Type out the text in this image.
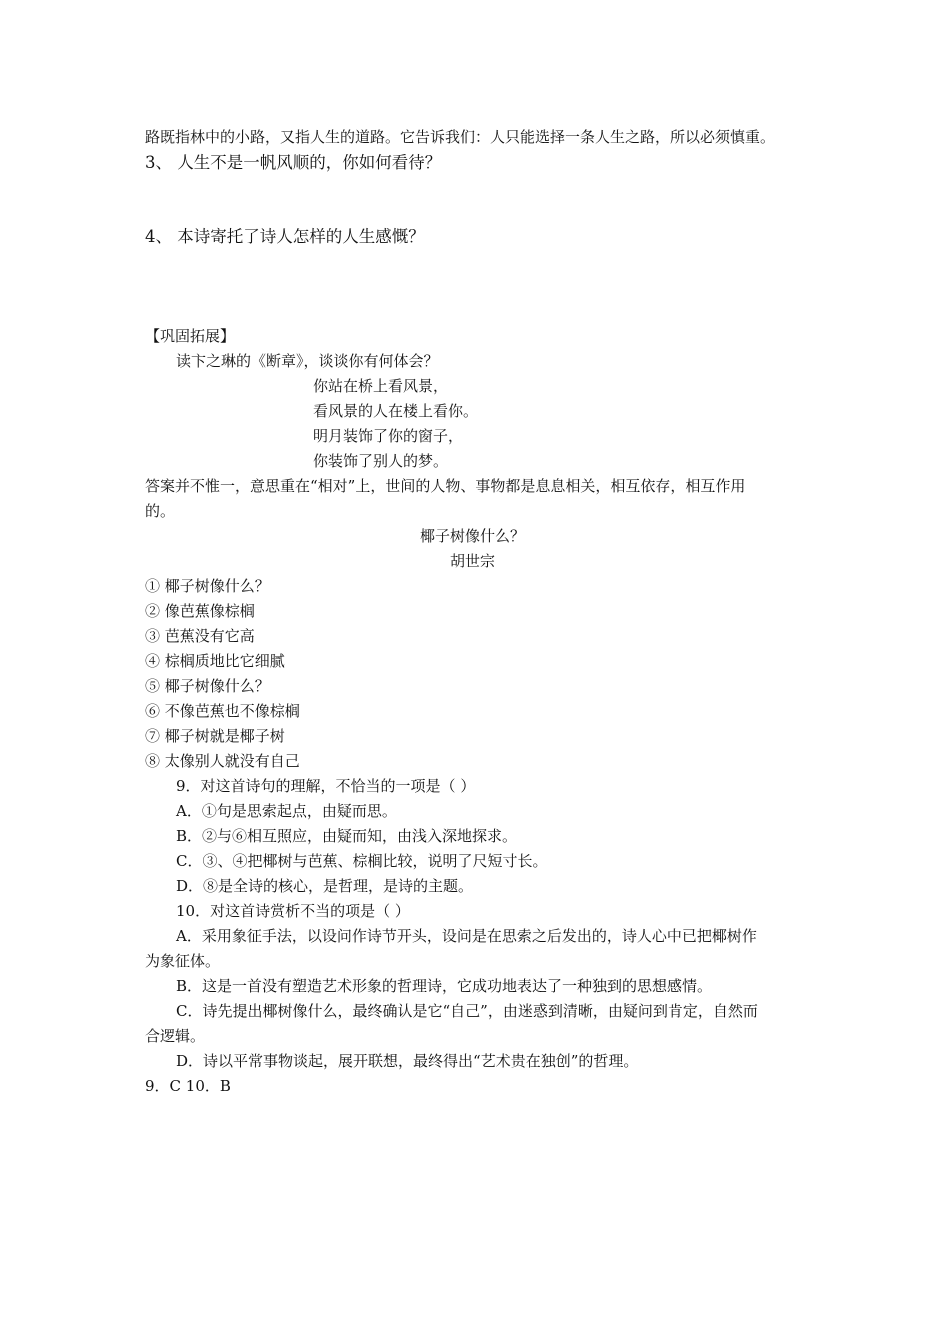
路既指林中的小路，又指人生的道路。它告诉我们：人只能选择一条人生之路，所以必须慎重。
3、 人生不是一帆风顺的，你如何看待？
4、 本诗寄托了诗人怎样的人生感慨？
【巩固拓展】
读卞之琳的《断章》，谈谈你有何体会？
你站在桥上看风景，
看风景的人在楼上看你。
明月装饰了你的窗子，
你装饰了别人的梦。
答案并不惟一，意思重在“相对”上，世间的人物、事物都是息息相关，相互依存，相互作用
的。
椰子树像什么？
胡世宗
① 椰子树像什么？
② 像芭蕉像棕榈
③ 芭蕉没有它高
④ 棕榈质地比它细腻
⑤ 椰子树像什么？
⑥ 不像芭蕉也不像棕榈
⑦ 椰子树就是椰子树
⑧ 太像别人就没有自己
9．对这首诗句的理解，不恰当的一项是（ ）
A．①句是思索起点，由疑而思。
B．②与⑥相互照应，由疑而知，由浅入深地探求。
C．③、④把椰树与芭蕉、棕榈比较，说明了尺短寸长。
D．⑧是全诗的核心，是哲理，是诗的主题。
10．对这首诗赏析不当的项是（ ）
A．采用象征手法，以设问作诗节开头，设问是在思索之后发出的，诗人心中已把椰树作
为象征体。
B．这是一首没有塑造艺术形象的哲理诗，它成功地表达了一种独到的思想感情。
C．诗先提出椰树像什么，最终确认是它“自己”，由迷惑到清晰，由疑问到肯定，自然而
合逻辑。
D．诗以平常事物谈起，展开联想，最终得出“艺术贵在独创”的哲理。
9．C 10．B
